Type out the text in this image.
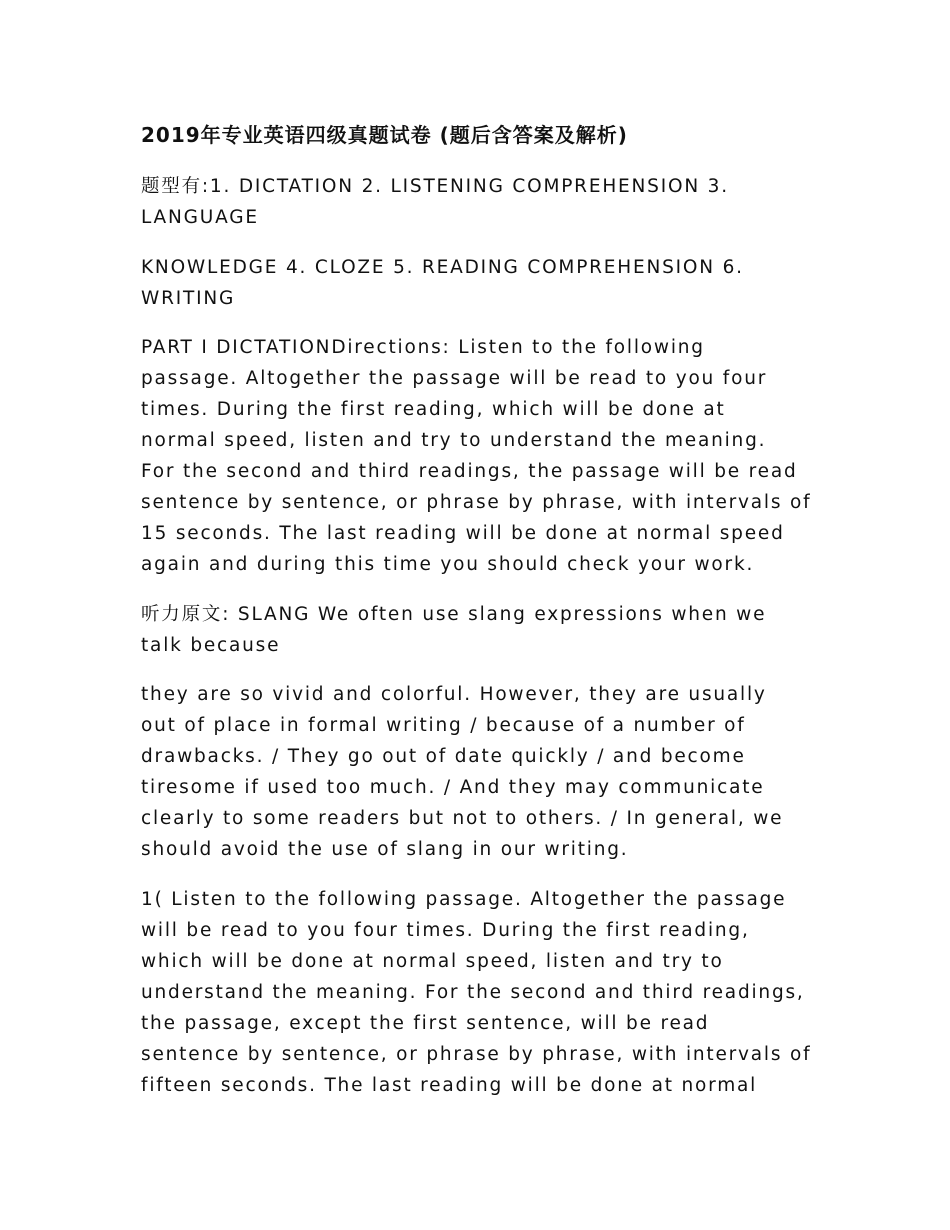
2019年专业英语四级真题试卷 (题后含答案及解析)

题型有:1. DICTATION 2. LISTENING COMPREHENSION 3.
LANGUAGE

KNOWLEDGE 4. CLOZE 5. READING COMPREHENSION 6.
WRITING

PART I DICTATIONDirections: Listen to the following
passage. Altogether the passage will be read to you four
times. During the first reading, which will be done at
normal speed, listen and try to understand the meaning.
For the second and third readings, the passage will be read
sentence by sentence, or phrase by phrase, with intervals of
15 seconds. The last reading will be done at normal speed
again and during this time you should check your work.

听力原文: SLANG We often use slang expressions when we
talk because

they are so vivid and colorful. However, they are usually
out of place in formal writing / because of a number of
drawbacks. / They go out of date quickly / and become
tiresome if used too much. / And they may communicate
clearly to some readers but not to others. / In general, we
should avoid the use of slang in our writing.

1( Listen to the following passage. Altogether the passage
will be read to you four times. During the first reading,
which will be done at normal speed, listen and try to
understand the meaning. For the second and third readings,
the passage, except the first sentence, will be read
sentence by sentence, or phrase by phrase, with intervals of
fifteen seconds. The last reading will be done at normal
